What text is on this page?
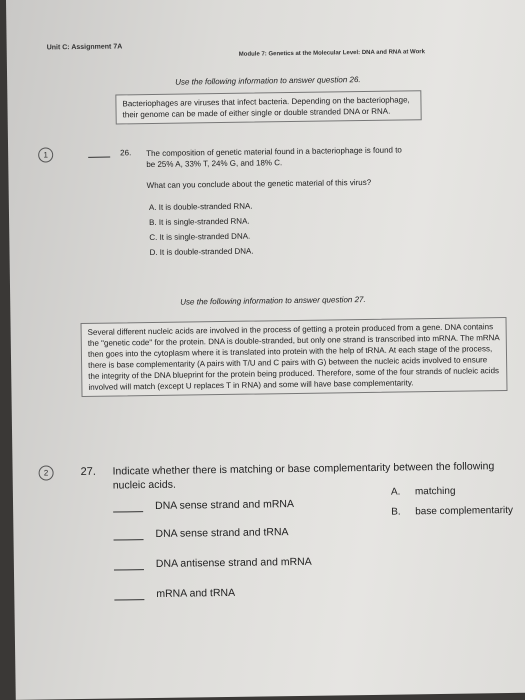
Unit C: Assignment 7A
Module 7: Genetics at the Molecular Level: DNA and RNA at Work
Use the following information to answer question 26.
Bacteriophages are viruses that infect bacteria. Depending on the bacteriophage, their genome can be made of either single or double stranded DNA or RNA.
1	26. The composition of genetic material found in a bacteriophage is found to
be 25% A, 33% T, 24% G, and 18% C.
What can you conclude about the genetic material of this virus?
A. It is double-stranded RNA.
B. It is single-stranded RNA.
C. It is single-stranded DNA.
D. It is double-stranded DNA.
Use the following information to answer question 27.
Several different nucleic acids are involved in the process of getting a protein produced from a gene. DNA contains the "genetic code" for the protein. DNA is double-stranded, but only one strand is transcribed into mRNA. The mRNA then goes into the cytoplasm where it is translated into protein with the help of tRNA. At each stage of the process, there is base complementarity (A pairs with T/U and C pairs with G) between the nucleic acids involved to ensure the integrity of the DNA blueprint for the protein being produced. Therefore, some of the four strands of nucleic acids involved will match (except U replaces T in RNA) and some will have base complementarity.
2	27. Indicate whether there is matching or base complementarity between the following
nucleic acids.
DNA sense strand and mRNA
DNA sense strand and tRNA
DNA antisense strand and mRNA
mRNA and tRNA
A. matching
B. base complementarity
